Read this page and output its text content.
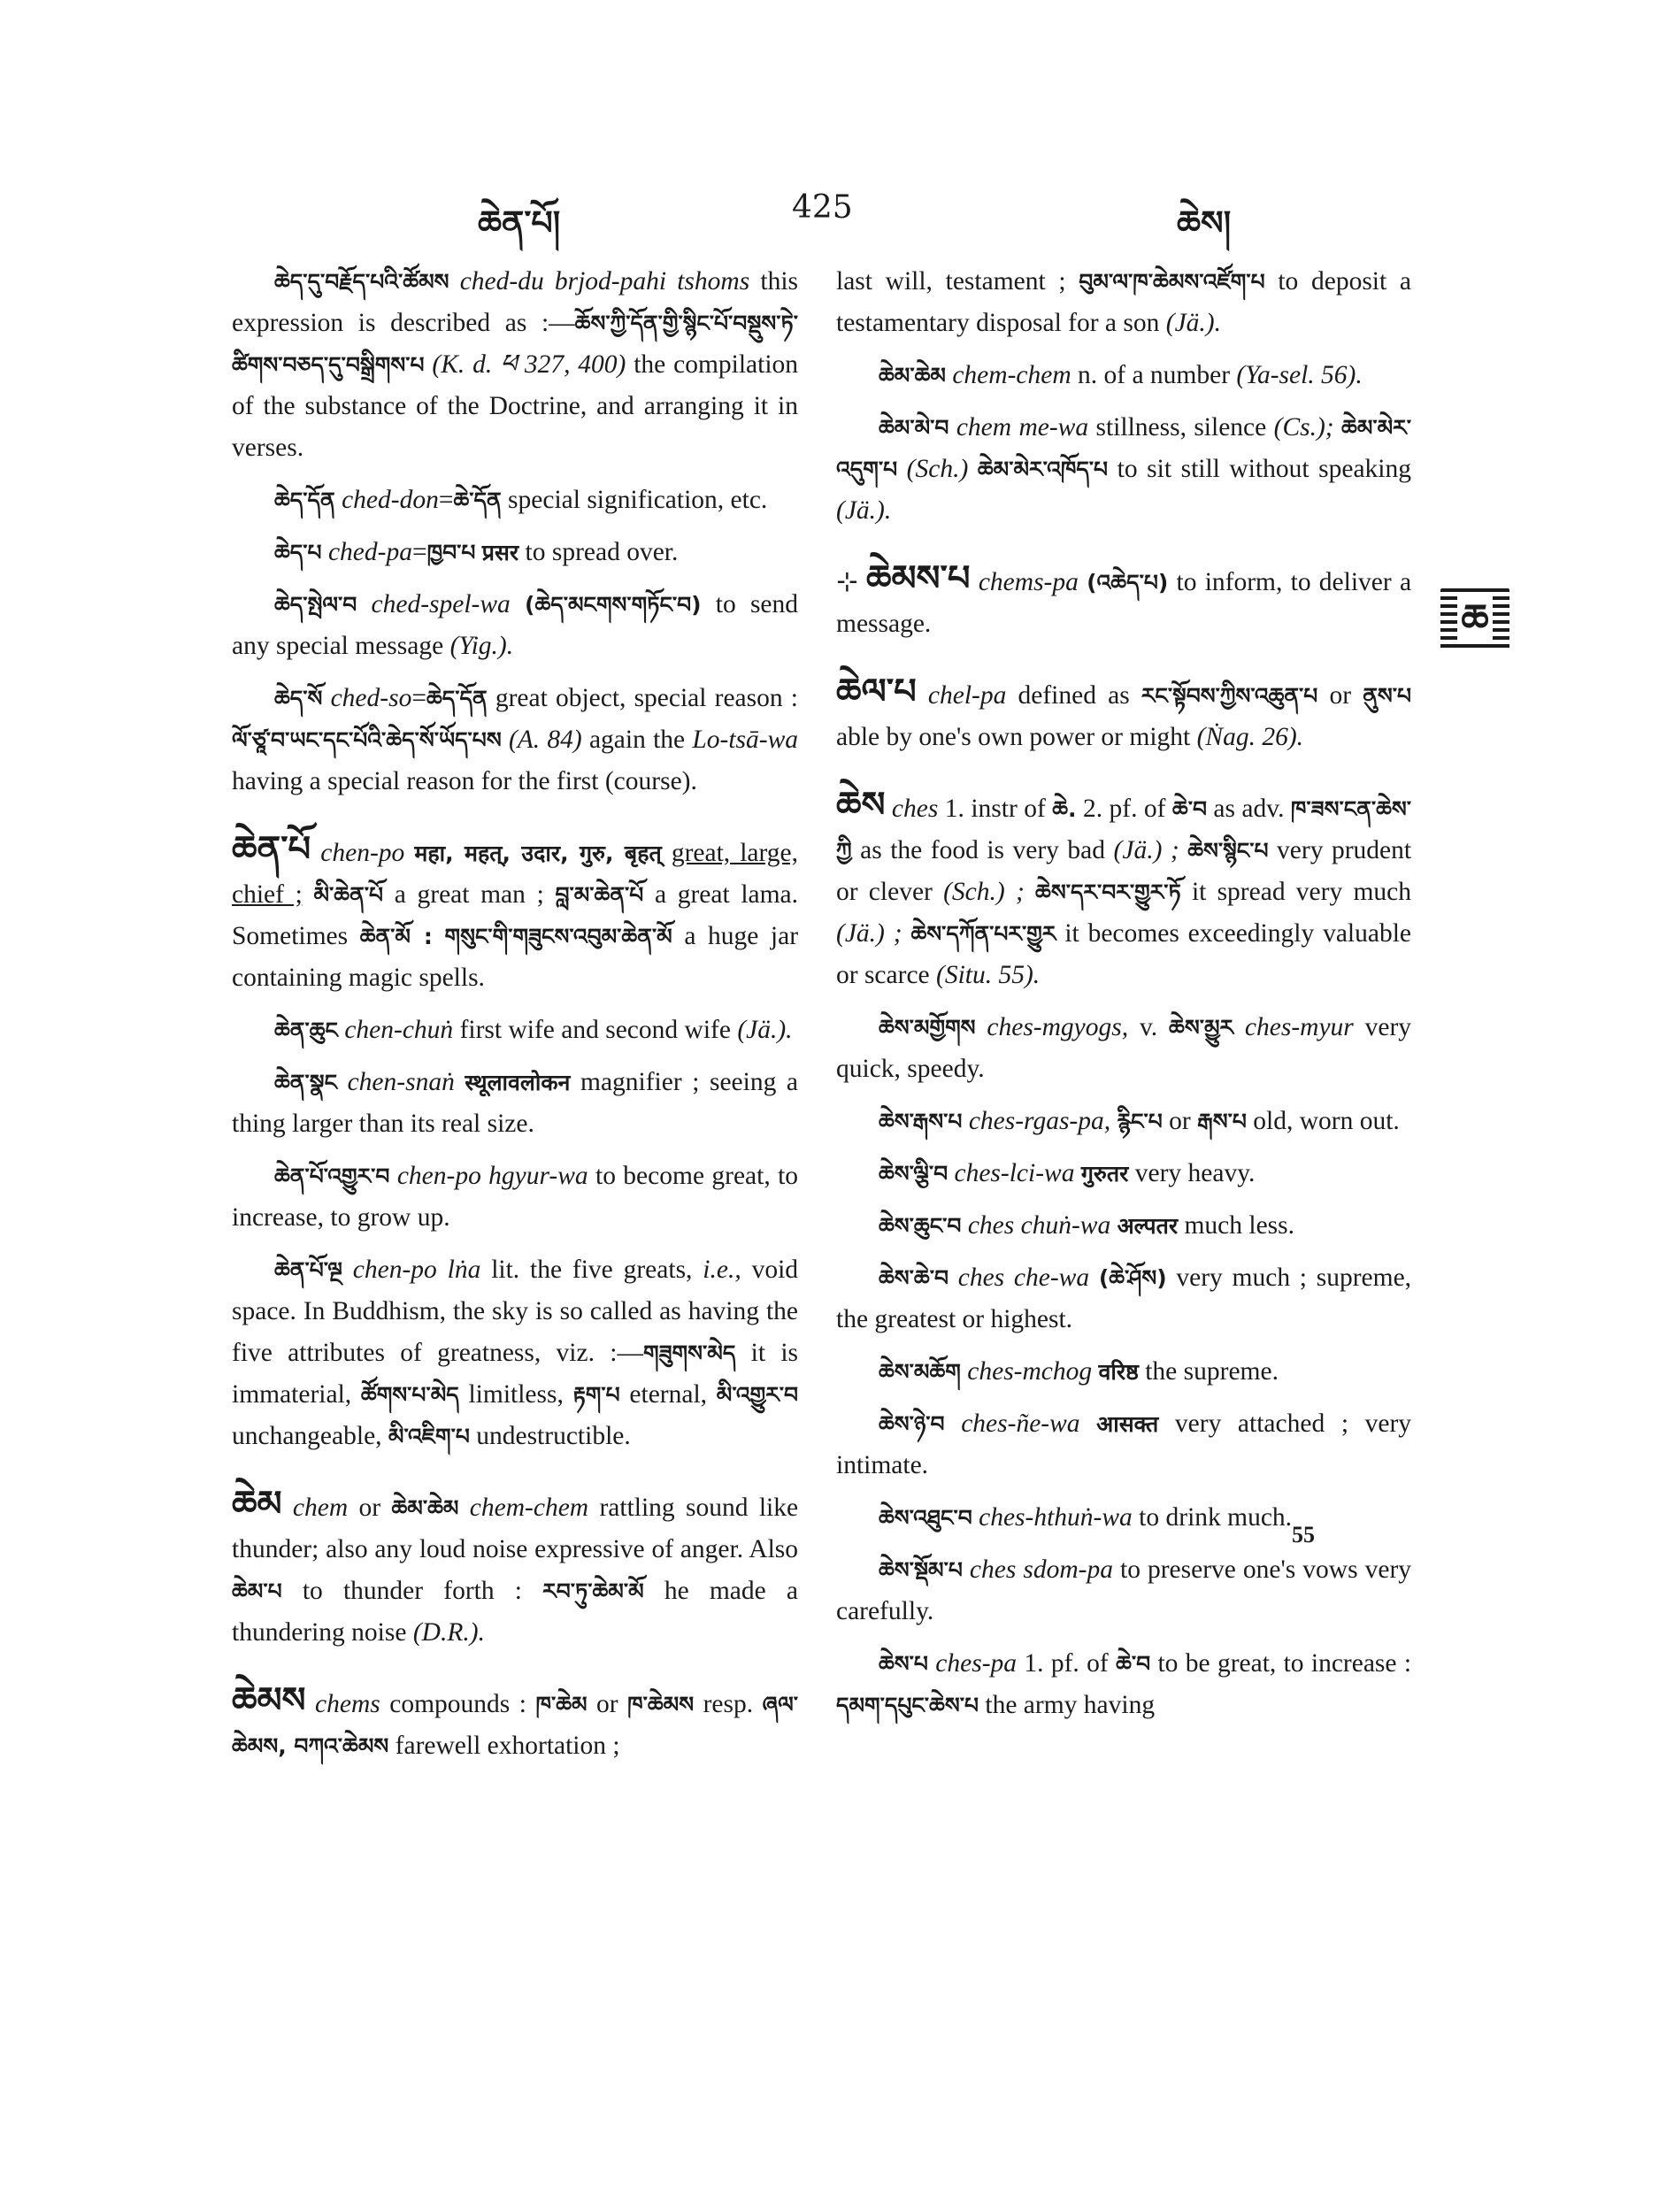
ཆེན་པོ།	425	ཆེས།
ཆ

ཆེད་དུ་བརྗོད་པའི་ཚོམས ched-du brjod-pahi tshoms this expression is described as :—ཆོས་ཀྱི་དོན་གྱི་སྙིང་པོ་བསྡུས་ཏེ་ཚིགས་བཅད་དུ་བསྒྲིགས་པ (K. d. ཕ 327, 400) the compilation of the substance of the Doctrine, and arranging it in verses.

ཆེད་དོན ched-don=ཆེ་དོན special signification, etc.

ཆེད་པ ched-pa=ཁྱབ་པ प्रसर to spread over.

ཆེད་སྤེལ་བ ched-spel-wa (ཆེད་མངགས་གཏོང་བ) to send any special message (Yig.).

ཆེད་སོ ched-so=ཆེད་དོན great object, special reason : ལོ་ཙཱ་བ་ཡང་དང་པོའི་ཆེད་སོ་ཡོད་པས (A. 84) again the Lo-tsā-wa having a special reason for the first (course).

ཆེན་པོ chen-po महा, महत्, उदार, गुरु, बृहत् great, large, chief ; མི་ཆེན་པོ a great man ; བླ་མ་ཆེན་པོ a great lama. Sometimes ཆེན་མོ : གསུང་གི་གཟུངས་འབུམ་ཆེན་མོ a huge jar containing magic spells.

ཆེན་ཆུང chen-chuṅ first wife and second wife (Jä.).

ཆེན་སྣང chen-snaṅ स्थूलावलोकन magnifier ; seeing a thing larger than its real size.

ཆེན་པོ་འགྱུར་བ chen-po hgyur-wa to become great, to increase, to grow up.

ཆེན་པོ་ལྔ chen-po lṅa lit. the five greats, i.e., void space. In Buddhism, the sky is so called as having the five attributes of greatness, viz. :—གཟུགས་མེད it is immaterial, ཚོགས་པ་མེད limitless, རྟག་པ eternal, མི་འགྱུར་བ unchangeable, མི་འཇིག་པ undestructible.

ཆེམ chem or ཆེམ་ཆེམ chem-chem rattling sound like thunder; also any loud noise expressive of anger. Also ཆེམ་པ to thunder forth : རབ་ཏུ་ཆེམ་མོ he made a thundering noise (D.R.).

ཆེམས chems compounds : ཁ་ཆེམ or ཁ་ཆེམས resp. ཞལ་ཆེམས, བཀའ་ཆེམས farewell exhortation ;

last will, testament ; བུམ་ལ་ཁ་ཆེམས་འཛོག་པ to deposit a testamentary disposal for a son (Jä.).

ཆེམ་ཆེམ chem-chem n. of a number (Ya-sel. 56).

ཆེམ་མེ་བ chem me-wa stillness, silence (Cs.); ཆེམ་མེར་འདུག་པ (Sch.) ཆེམ་མེར་འཁོད་པ to sit still without speaking (Jä.).

⊹ ཆེམས་པ chems-pa (འཆེད་པ) to inform, to deliver a message.

ཆེལ་པ chel-pa defined as རང་སྟོབས་ཀྱིས་འཆུན་པ or ནུས་པ able by one's own power or might (Ṅag. 26).

ཆེས ches 1. instr of ཆེ. 2. pf. of ཆེ་བ as adv. ཁ་ཟས་ངན་ཆེས་ཀྱི as the food is very bad (Jä.) ; ཆེས་སྙིང་པ very prudent or clever (Sch.) ; ཆེས་དར་བར་གྱུར་ཏོ it spread very much (Jä.) ; ཆེས་དཀོན་པར་གྱུར it becomes exceedingly valuable or scarce (Situ. 55).

ཆེས་མགྱོགས ches-mgyogs, v. ཆེས་མྱུར ches-myur very quick, speedy.

ཆེས་རྒས་པ ches-rgas-pa, རྙིང་པ or རྒས་པ old, worn out.

ཆེས་ལྕི་བ ches-lci-wa गुरुतर very heavy.

ཆེས་ཆུང་བ ches chuṅ-wa अल्पतर much less.

ཆེས་ཆེ་བ ches che-wa (ཆེ་ཤོས) very much ; supreme, the greatest or highest.

ཆེས་མཆོག ches-mchog वरिष्ठ the supreme.

ཆེས་ཉེ་བ ches-ñe-wa आसक्त very attached ; very intimate.

ཆེས་འཐུང་བ ches-hthuṅ-wa to drink much.

ཆེས་སྡོམ་པ ches sdom-pa to preserve one's vows very carefully.

ཆེས་པ ches-pa 1. pf. of ཆེ་བ to be great, to increase : དམག་དཔུང་ཆེས་པ the army having

55
